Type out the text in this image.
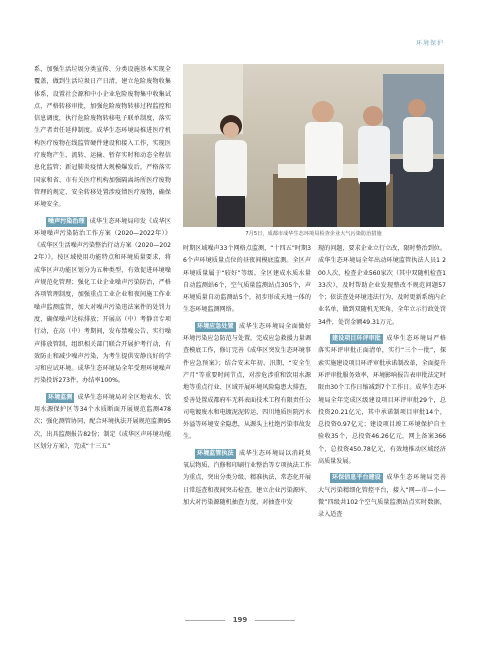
环境保护

系、加强生活垃圾分类宣传、分类设施基本实现全覆盖，做到生活垃圾日产日清，建立危险废物收集体系，设置社会源和中小企业危险废物集中收集试点，严格转移审批，加强危险废物转移过程监控和信息调度，执行危险废物转移电子联单制度，落实生产者责任延伸制度。成华生态环境局推进医疗机构医疗废物在线监管硬件建设和接入工作，实现医疗废物产生、流转、运输、暂存实时和动态全程信息化监管；新冠肺炎疫情大规模爆发后，严格落实国家和省、市有关医疗机构加强隔离场所医疗废物管理的规定，安全转移处置涉疫情医疗废物，确保环境安全。

噪声污染治理 成华生态环境局印发《成华区环境噪声污染防治工作方案（2020—2022年）》《成华区生活噪声污染整治行动方案（2020—2022年）》，按区域使用功能特点和环境质量要求，将成华区声功能区划分为五种类型，有效促进环境噪声规范化管理；强化工业企业噪声污染防治，严格各项管理制度，加强重点工业企业和夜间施工作业噪声监测监管，加大对噪声污染违法案件的处罚力度，确保噪声达标排放；开展高（中）考静音专项行动，在高（中）考期间，发布禁噪公告，实行噪声排放管制，组织相关部门联合开展护考行动，有效防止和减少噪声污染，为考生提供安静良好的学习和应试环境。成华生态环境局全年受理环境噪声污染投诉273件，办结率100%。

环境监测 成华生态环境局对全区地表水、饮用水源保护区等34个水质断面开展规范监测478次；强化测管协同，配合环境执法开展规范监测95次，出具监测报告82份；制定《成华区声环境功能区划分方案》，完成“十三五”

7月5日，成都市成华生态环境局检查企业大气污染防治措施

时期区域噪声33个网格点监测，“十四五”时期36个声环境质量点位的昼夜间模底监测。全区声环境质量属于“较好”等级。全区建成水质水量自动监测站6个，空气质量监测站点305个，声环境质量自动监测站5个，初步形成天地一体的生态环境监测网络。

环境应急处置 成华生态环境局全面做好环境污染应急防范与处置，完成应急救援力量调查模底工作，修订完善《成华区突发生态环境事件应急预案》；结合安末年初、汛期、“安全生产月”等重要时间节点，对涉危涉重和饮用水源地等重点行业、区域开展环境风险隐患大排查，妥善处置成都府车无料表面技术工程有限责任公司电镀废水和电镀泥泥转运、四川地质医院污水外溢等环境安全隐患，从源头上杜绝污染事故发生。

环境监管执法 成华生态环境局以消耗臭氧层物质、汽修和印刷行业整治等专项执法工作为重点，突出分类分级、精准执法，常态化开展日常巡查和夜间突击检查，建立企业污染源库、加大对污染源随机抽查力度，对抽查中发

现的问题，要求企业立行立改，限时整治到位。成华生态环境局全年出动环境监管执法人员1 200人次，检查企业560家次（其中双随机检查133次），及时帮助企业发现整改不规范问题57个；依法查处环境违法行为，及时更新系统内企业名单，做到双随机无死角，全年立示行政处罚34件，处罚金额49.31万元。

建设项目环评审批 成华生态环境局严格落实环评审批正面清单，实行“三个一批”，探索实施建设项目环评审批承诺制改革，全面提升环评审批服务效率，环境影响报告表审批法定时限由30个工作日缩减到7个工作日。成华生态环境局全年完成区级建设项目环评审批29个，总投资20.21亿元，其中承诺制项目审批14个，总投资0.97亿元；建设项目竣工环境保护自主验收35个，总投资46.26亿元，网上备案366个，总投资450.78亿元，有效地推动区域经济高质量发展。

环保信息平台建设 成华生态环境局完善大气污染精细化管控平台，接入“网—市—小—微”四级共102个空气质量监测站点实时数据，录入适查

199
